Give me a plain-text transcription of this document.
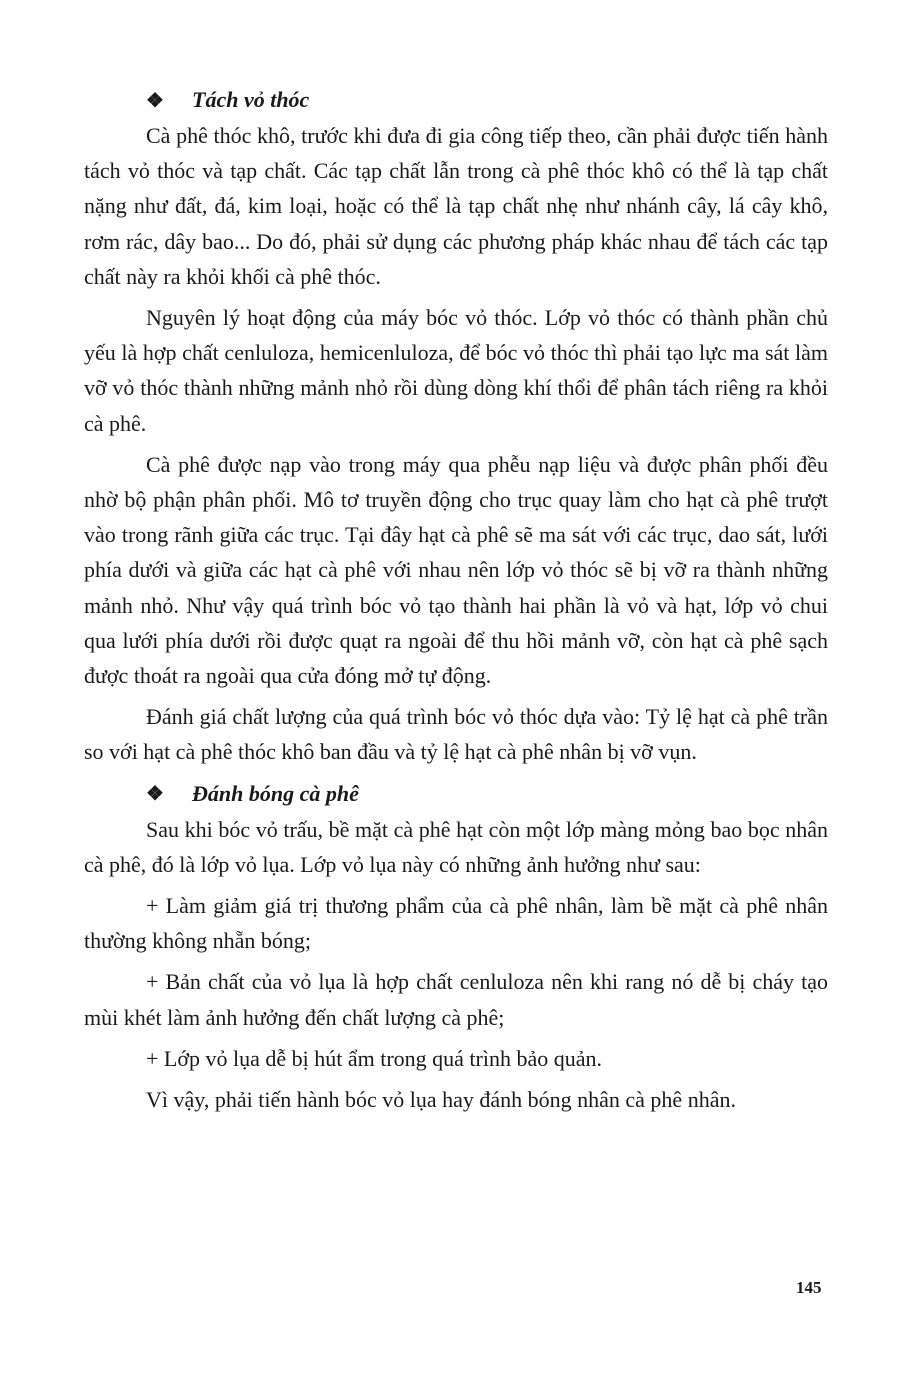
❖	Tách vỏ thóc

Cà phê thóc khô, trước khi đưa đi gia công tiếp theo, cần phải được tiến hành tách vỏ thóc và tạp chất. Các tạp chất lẫn trong cà phê thóc khô có thể là tạp chất nặng như đất, đá, kim loại, hoặc có thể là tạp chất nhẹ như nhánh cây, lá cây khô, rơm rác, dây bao... Do đó, phải sử dụng các phương pháp khác nhau để tách các tạp chất này ra khỏi khối cà phê thóc.

Nguyên lý hoạt động của máy bóc vỏ thóc. Lớp vỏ thóc có thành phần chủ yếu là hợp chất cenluloza, hemicenluloza, để bóc vỏ thóc thì phải tạo lực ma sát làm vỡ vỏ thóc thành những mảnh nhỏ rồi dùng dòng khí thổi để phân tách riêng ra khỏi cà phê.

Cà phê được nạp vào trong máy qua phễu nạp liệu và được phân phối đều nhờ bộ phận phân phối. Mô tơ truyền động cho trục quay làm cho hạt cà phê trượt vào trong rãnh giữa các trục. Tại đây hạt cà phê sẽ ma sát với các trục, dao sát, lưới phía dưới và giữa các hạt cà phê với nhau nên lớp vỏ thóc sẽ bị vỡ ra thành những mảnh nhỏ. Như vậy quá trình bóc vỏ tạo thành hai phần là vỏ và hạt, lớp vỏ chui qua lưới phía dưới rồi được quạt ra ngoài để thu hồi mảnh vỡ, còn hạt cà phê sạch được thoát ra ngoài qua cửa đóng mở tự động.

Đánh giá chất lượng của quá trình bóc vỏ thóc dựa vào: Tỷ lệ hạt cà phê trần so với hạt cà phê thóc khô ban đầu và tỷ lệ hạt cà phê nhân bị vỡ vụn.

❖	Đánh bóng cà phê

Sau khi bóc vỏ trấu, bề mặt cà phê hạt còn một lớp màng mỏng bao bọc nhân cà phê, đó là lớp vỏ lụa. Lớp vỏ lụa này có những ảnh hưởng như sau:

+ Làm giảm giá trị thương phẩm của cà phê nhân, làm bề mặt cà phê nhân thường không nhẵn bóng;

+ Bản chất của vỏ lụa là hợp chất cenluloza nên khi rang nó dễ bị cháy tạo mùi khét làm ảnh hưởng đến chất lượng cà phê;

+ Lớp vỏ lụa dễ bị hút ẩm trong quá trình bảo quản.

Vì vậy, phải tiến hành bóc vỏ lụa hay đánh bóng nhân cà phê nhân.

145
